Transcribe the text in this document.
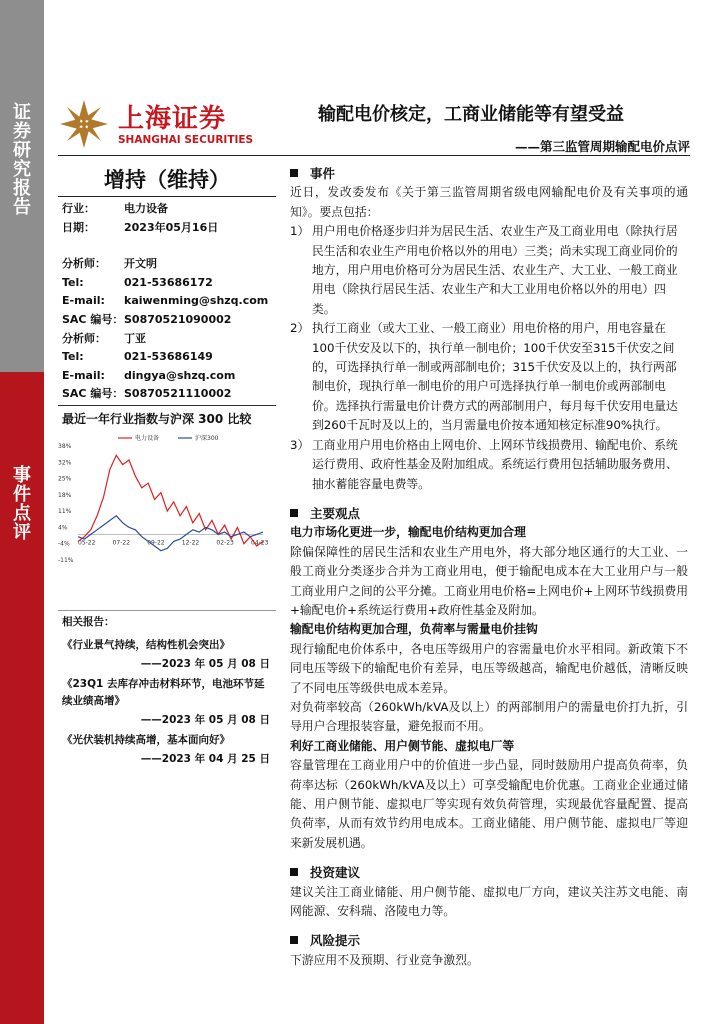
证
券
研
究
报
告
事
件
点
评
上海证券
SHANGHAI SECURITIES
输配电价核定，工商业储能等有望受益
——第三监管周期输配电价点评
增持（维持）
行业：	电力设备
日期：	2023年05月16日
分析师：	开文明
Tel:	021-53686172
E-mail:	kaiwenming@shzq.com
SAC 编号： S0870521090002
分析师：	丁亚
Tel:	021-53686149
E-mail:	dingya@shzq.com
SAC 编号： S0870521110002
最近一年行业指数与沪深 300 比较
38%
32%
25%
18%
11%
4%
-4%
-11%
05-22	07-22	09-22	12-22	02-23	04-23
电力设备	沪深300
相关报告：
《行业景气持续，结构性机会突出》
——2023 年 05 月 08 日
《23Q1 去库存冲击材料环节，电池环节延续业绩高增》
——2023 年 05 月 08 日
《光伏装机持续高增，基本面向好》
——2023 年 04 月 25 日
事件
近日，发改委发布《关于第三监管周期省级电网输配电价及有关事项的通知》。要点包括：
1） 用户用电价格逐步归并为居民生活、农业生产及工商业用电（除执行居民生活和农业生产用电价格以外的用电）三类；尚未实现工商业同价的地方，用户用电价格可分为居民生活、农业生产、大工业、一般工商业用电（除执行居民生活、农业生产和大工业用电价格以外的用电）四类。
2） 执行工商业（或大工业、一般工商业）用电价格的用户，用电容量在100千伏安及以下的，执行单一制电价；100千伏安至315千伏安之间的，可选择执行单一制或两部制电价；315千伏安及以上的，执行两部制电价，现执行单一制电价的用户可选择执行单一制电价或两部制电价。选择执行需量电价计费方式的两部制用户，每月每千伏安用电量达到260千瓦时及以上的，当月需量电价按本通知核定标准90%执行。
3） 工商业用户用电价格由上网电价、上网环节线损费用、输配电价、系统运行费用、政府性基金及附加组成。系统运行费用包括辅助服务费用、抽水蓄能容量电费等。
主要观点
电力市场化更进一步，输配电价结构更加合理
除偏保障性的居民生活和农业生产用电外，将大部分地区通行的大工业、一般工商业分类逐步合并为工商业用电，便于输配电成本在大工业用户与一般工商业用户之间的公平分摊。工商业用电价格=上网电价+上网环节线损费用+输配电价+系统运行费用+政府性基金及附加。
输配电价结构更加合理，负荷率与需量电价挂钩
现行输配电价体系中，各电压等级用户的容需量电价水平相同。新政策下不同电压等级下的输配电价有差异，电压等级越高，输配电价越低，清晰反映了不同电压等级供电成本差异。
对负荷率较高（260kWh/kVA及以上）的两部制用户的需量电价打九折，引导用户合理报装容量，避免报而不用。
利好工商业储能、用户侧节能、虚拟电厂等
容量管理在工商业用户中的价值进一步凸显，同时鼓励用户提高负荷率，负荷率达标（260kWh/kVA及以上）可享受输配电价优惠。工商业企业通过储能、用户侧节能、虚拟电厂等实现有效负荷管理，实现最优容量配置、提高负荷率，从而有效节约用电成本。工商业储能、用户侧节能、虚拟电厂等迎来新发展机遇。
投资建议
建议关注工商业储能、用户侧节能、虚拟电厂方向，建议关注苏文电能、南网能源、安科瑞、洛陵电力等。
风险提示
下游应用不及预期、行业竞争激烈。
